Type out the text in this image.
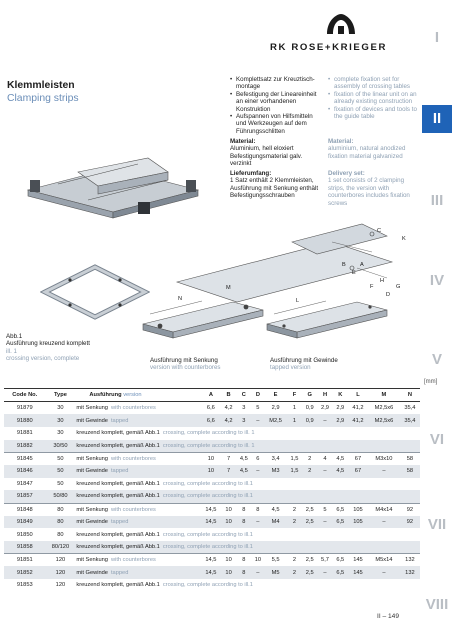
RK ROSE+KRIEGER
I
II
III
IV
V
VI
VII
VIII
Klemmleisten
Clamping strips
• Komplettsatz zur Kreuztisch-montage
• Befestigung der Lineareinheit an einer vorhandenen Konstruktion
• Aufspannen von Hilfsmitteln und Werkzeugen auf dem Führungsschlitten
• complete fixation set for assembly of crossing tables
• fixation of the linear unit on an already existing construction
• fixation of devices and tools to the guide table
Material:
Aluminium, hell eloxiert Befestigungsmaterial galv. verzinkt
Material:
aluminium, natural anodized fixation material galvanized
Lieferumfang:
1 Satz enthält 2 Klemmleisten, Ausführung mit Senkung enthält Befestigungsschrauben
Delivery set:
1 set consists of 2 clamping strips, the version with counterbores includes fixation screws
C
B
E
A
H
D
F	G
K
N
M
L
Abb.1
Ausführung kreuzend komplett
ill. 1
crossing version, complete	Ausführung mit Senkung
version with counterbores
Ausführung mit Gewinde
tapped version
[mm]
Code No.	Type	Ausführung version	A	B	C	D	E	F	G	H	K	L	M	N
91879	30	mit Senkung with counterbores	6,6	4,2	3	5	2,9	1	0,9	2,9	2,9	41,2	M2,5x6	35,4
91880	30	mit Gewinde tapped	6,6	4,2	3	–	M2,5	1	0,9	–	2,9	41,2	M2,5x6	35,4
91881	30	kreuzend komplett, gemäß Abb.1 crossing, complete according to ill. 1												
91882	30/50	kreuzend komplett, gemäß Abb.1 crossing, complete according to ill. 1												
91845	50	mit Senkung with counterbores	10	7	4,5	6	3,4	1,5	2	4	4,5	67	M3x10	58
91846	50	mit Gewinde tapped	10	7	4,5	–	M3	1,5	2	–	4,5	67	–	58
91847	50	kreuzend komplett, gemäß Abb.1 crossing, complete according to ill.1												
91857	50/80	kreuzend komplett, gemäß Abb.1 crossing, complete according to ill.1												
91848	80	mit Senkung with counterbores	14,5	10	8	8	4,5	2	2,5	5	6,5	105	M4x14	92
91849	80	mit Gewinde tapped	14,5	10	8	–	M4	2	2,5	–	6,5	105	–	92
91850	80	kreuzend komplett, gemäß Abb.1 crossing, complete according to ill.1												
91858	80/120	kreuzend komplett, gemäß Abb.1 crossing, complete according to ill.1												
91851	120	mit Senkung with counterbores	14,5	10	8	10	5,5	2	2,5	5,7	6,5	145	M5x14	132
91852	120	mit Gewinde tapped	14,5	10	8	–	M5	2	2,5	–	6,5	145	–	132
91853	120	kreuzend komplett, gemäß Abb.1 crossing, complete according to ill.1												
II – 149
